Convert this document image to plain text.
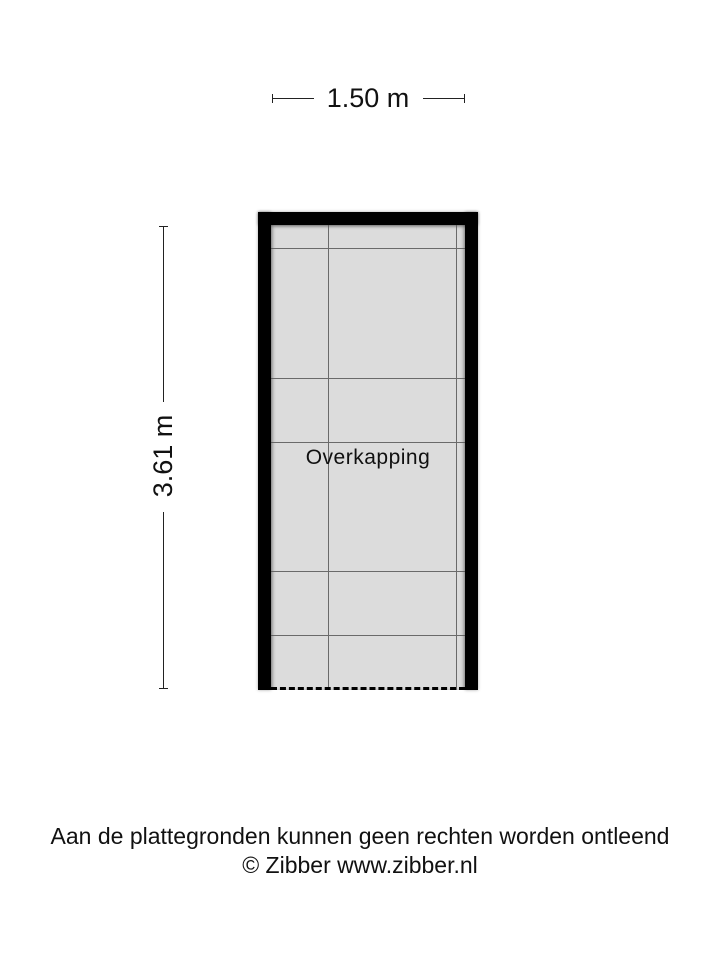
1.50 m
3.61 m	Overkapping
Aan de plattegronden kunnen geen rechten worden ontleend
© Zibber www.zibber.nl
